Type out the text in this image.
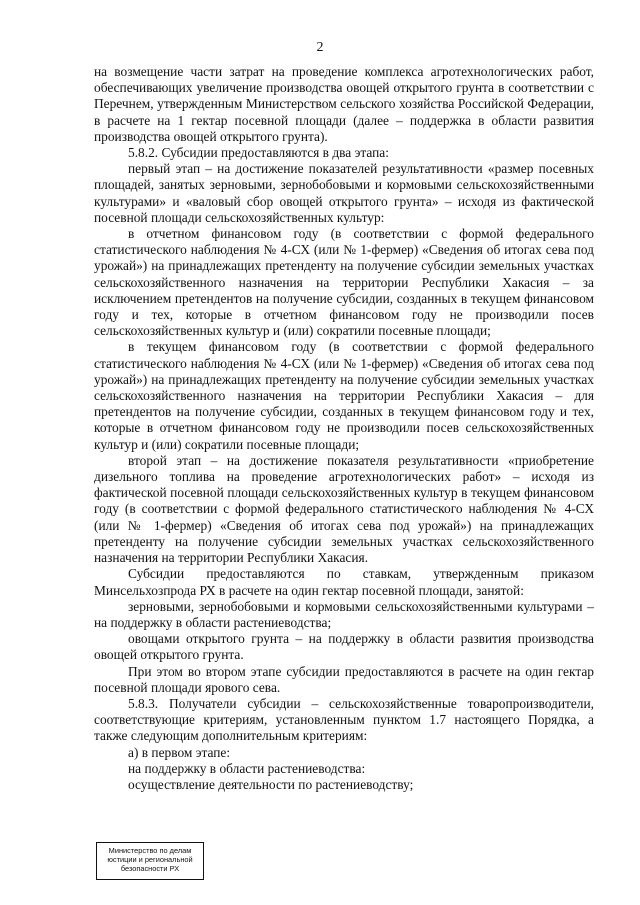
2

на возмещение части затрат на проведение комплекса агротехнологических работ, обеспечивающих увеличение производства овощей открытого грунта в соответствии с Перечнем, утвержденным Министерством сельского хозяйства Российской Федерации, в расчете на 1 гектар посевной площади (далее – поддержка в области развития производства овощей открытого грунта).

5.8.2. Субсидии предоставляются в два этапа:

первый этап – на достижение показателей результативности «размер посевных площадей, занятых зерновыми, зернобобовыми и кормовыми сельскохозяйственными культурами» и «валовый сбор овощей открытого грунта» – исходя из фактической посевной площади сельскохозяйственных культур:

в отчетном финансовом году (в соответствии с формой федерального статистического наблюдения № 4-СХ (или № 1-фермер) «Сведения об итогах сева под урожай») на принадлежащих претенденту на получение субсидии земельных участках сельскохозяйственного назначения на территории Республики Хакасия – за исключением претендентов на получение субсидии, созданных в текущем финансовом году и тех, которые в отчетном финансовом году не производили посев сельскохозяйственных культур и (или) сократили посевные площади;

в текущем финансовом году (в соответствии с формой федерального статистического наблюдения № 4-СХ (или № 1-фермер) «Сведения об итогах сева под урожай») на принадлежащих претенденту на получение субсидии земельных участках сельскохозяйственного назначения на территории Республики Хакасия – для претендентов на получение субсидии, созданных в текущем финансовом году и тех, которые в отчетном финансовом году не производили посев сельскохозяйственных культур и (или) сократили посевные площади;

второй этап – на достижение показателя результативности «приобретение дизельного топлива на проведение агротехнологических работ» – исходя из фактической посевной площади сельскохозяйственных культур в текущем финансовом году (в соответствии с формой федерального статистического наблюдения № 4-СХ (или № 1-фермер) «Сведения об итогах сева под урожай») на принадлежащих претенденту на получение субсидии земельных участках сельскохозяйственного назначения на территории Республики Хакасия.

Субсидии предоставляются по ставкам, утвержденным приказом Минсельхозпрода РХ в расчете на один гектар посевной площади, занятой:

зерновыми, зернобобовыми и кормовыми сельскохозяйственными культурами – на поддержку в области растениеводства;

овощами открытого грунта – на поддержку в области развития производства овощей открытого грунта.

При этом во втором этапе субсидии предоставляются в расчете на один гектар посевной площади ярового сева.

5.8.3. Получатели субсидии – сельскохозяйственные товаропроизводители, соответствующие критериям, установленным пунктом 1.7 настоящего Порядка, а также следующим дополнительным критериям:

а) в первом этапе:

на поддержку в области растениеводства:

осуществление деятельности по растениеводству;

Министерство по делам
юстиции и региональной
безопасности РХ
